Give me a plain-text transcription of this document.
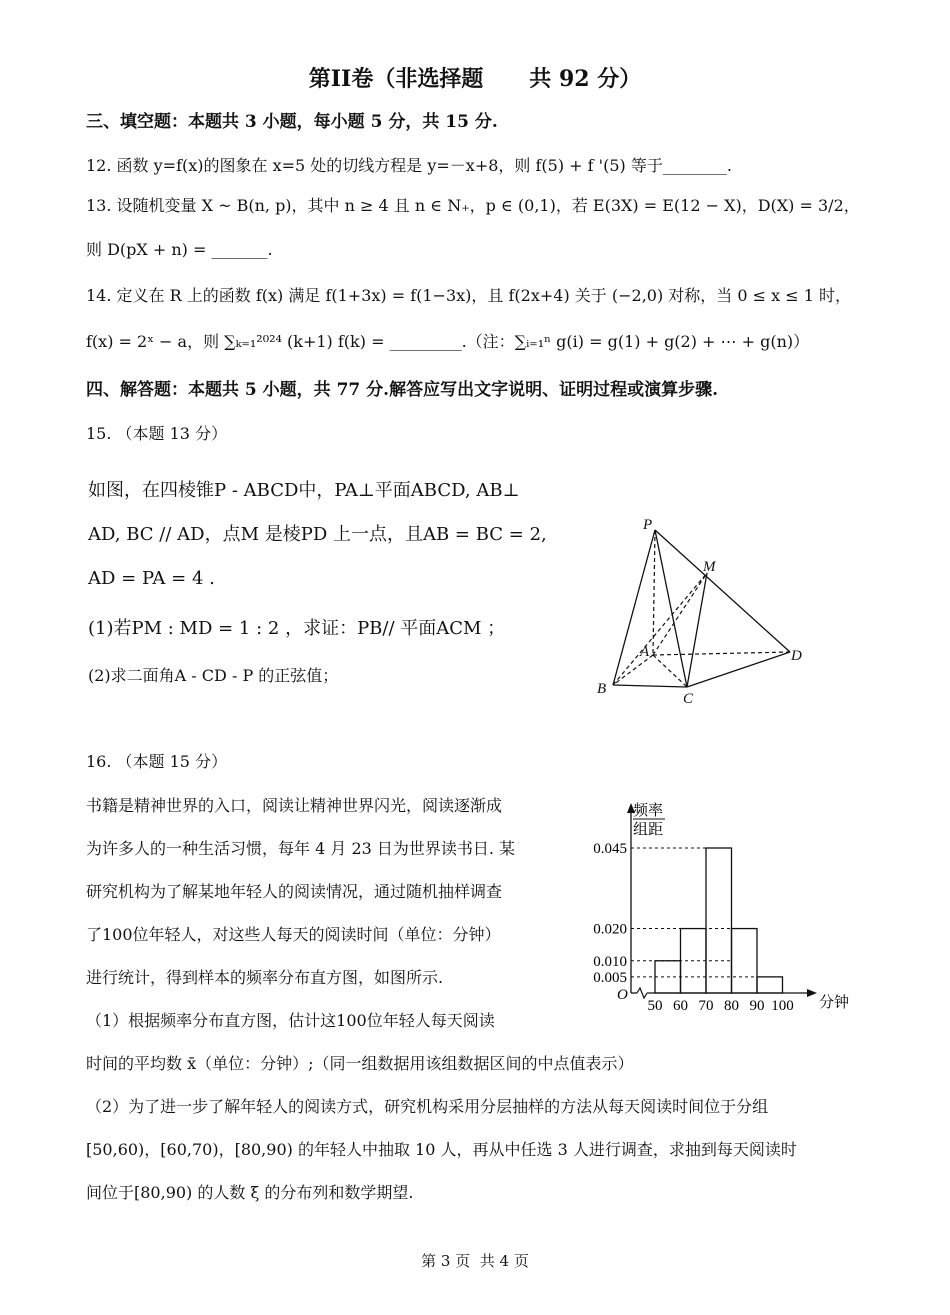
第II卷（非选择题      共 92 分）
三、填空题：本题共 3 小题，每小题 5 分，共 15 分.
12. 函数 y=f(x)的图象在 x=5 处的切线方程是 y=－x+8，则 f(5) + f '(5) 等于________.
13. 设随机变量 X ~ B(n, p)，其中 n ≥ 4 且 n ∈ N₊，p ∈ (0,1)，若 E(3X) = E(12 − X)，D(X) = 3/2，
则 D(pX + n) = _______.
14. 定义在 R 上的函数 f(x) 满足 f(1+3x) = f(1−3x)，且 f(2x+4) 关于 (−2,0) 对称，当 0 ≤ x ≤ 1 时，
f(x) = 2ˣ − a，则 ∑ₖ₌₁²⁰²⁴ (k+1) f(k) = _________.（注：∑ᵢ₌₁ⁿ g(i) = g(1) + g(2) + ⋯ + g(n)）
四、解答题：本题共 5 小题，共 77 分.解答应写出文字说明、证明过程或演算步骤.
15. （本题 13 分）
如图，在四棱锥P - ABCD中，PA⊥平面ABCD, AB⊥
AD, BC // AD，点M 是棱PD 上一点，且AB = BC = 2,
AD = PA = 4 .
(1)若PM : MD = 1 : 2 ，求证：PB// 平面ACM ；
(2)求二面角A - CD - P 的正弦值；
P
M
A
B
C
D
16. （本题 15 分）
书籍是精神世界的入口，阅读让精神世界闪光，阅读逐渐成
为许多人的一种生活习惯，每年 4 月 23 日为世界读书日. 某
研究机构为了解某地年轻人的阅读情况，通过随机抽样调查
了100位年轻人，对这些人每天的阅读时间（单位：分钟）
进行统计，得到样本的频率分布直方图，如图所示.
（1）根据频率分布直方图，估计这100位年轻人每天阅读
时间的平均数 x̄（单位：分钟）;（同一组数据用该组数据区间的中点值表示）
（2）为了进一步了解年轻人的阅读方式，研究机构采用分层抽样的方法从每天阅读时间位于分组
[50,60)，[60,70)，[80,90) 的年轻人中抽取 10 人，再从中任选 3 人进行调查，求抽到每天阅读时
间位于[80,90) 的人数 ξ 的分布列和数学期望.
频率
组距
分钟
O
0.045
0.020
0.010
0.005
50 60 70 80 90 100
第 3 页  共 4 页
